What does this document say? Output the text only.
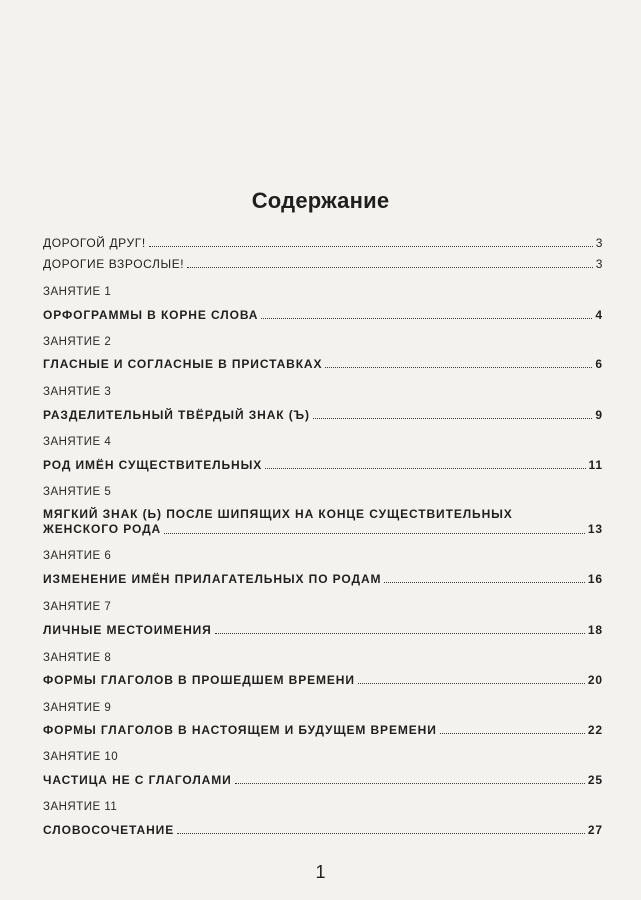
Содержание
ДОРОГОЙ ДРУГ!	3
ДОРОГИЕ ВЗРОСЛЫЕ!	3
ЗАНЯТИЕ 1
ОРФОГРАММЫ В КОРНЕ СЛОВА	4
ЗАНЯТИЕ 2
ГЛАСНЫЕ И СОГЛАСНЫЕ В ПРИСТАВКАХ	6
ЗАНЯТИЕ 3
РАЗДЕЛИТЕЛЬНЫЙ ТВЁРДЫЙ ЗНАК (Ъ)	9
ЗАНЯТИЕ 4
РОД ИМЁН СУЩЕСТВИТЕЛЬНЫХ	11
ЗАНЯТИЕ 5
МЯГКИЙ ЗНАК (Ь) ПОСЛЕ ШИПЯЩИХ НА КОНЦЕ СУЩЕСТВИТЕЛЬНЫХ
ЖЕНСКОГО РОДА	13
ЗАНЯТИЕ 6
ИЗМЕНЕНИЕ ИМЁН ПРИЛАГАТЕЛЬНЫХ ПО РОДАМ	16
ЗАНЯТИЕ 7
ЛИЧНЫЕ МЕСТОИМЕНИЯ	18
ЗАНЯТИЕ 8
ФОРМЫ ГЛАГОЛОВ В ПРОШЕДШЕМ ВРЕМЕНИ	20
ЗАНЯТИЕ 9
ФОРМЫ ГЛАГОЛОВ В НАСТОЯЩЕМ И БУДУЩЕМ ВРЕМЕНИ	22
ЗАНЯТИЕ 10
ЧАСТИЦА НЕ С ГЛАГОЛАМИ	25
ЗАНЯТИЕ 11
СЛОВОСОЧЕТАНИЕ	27
1
